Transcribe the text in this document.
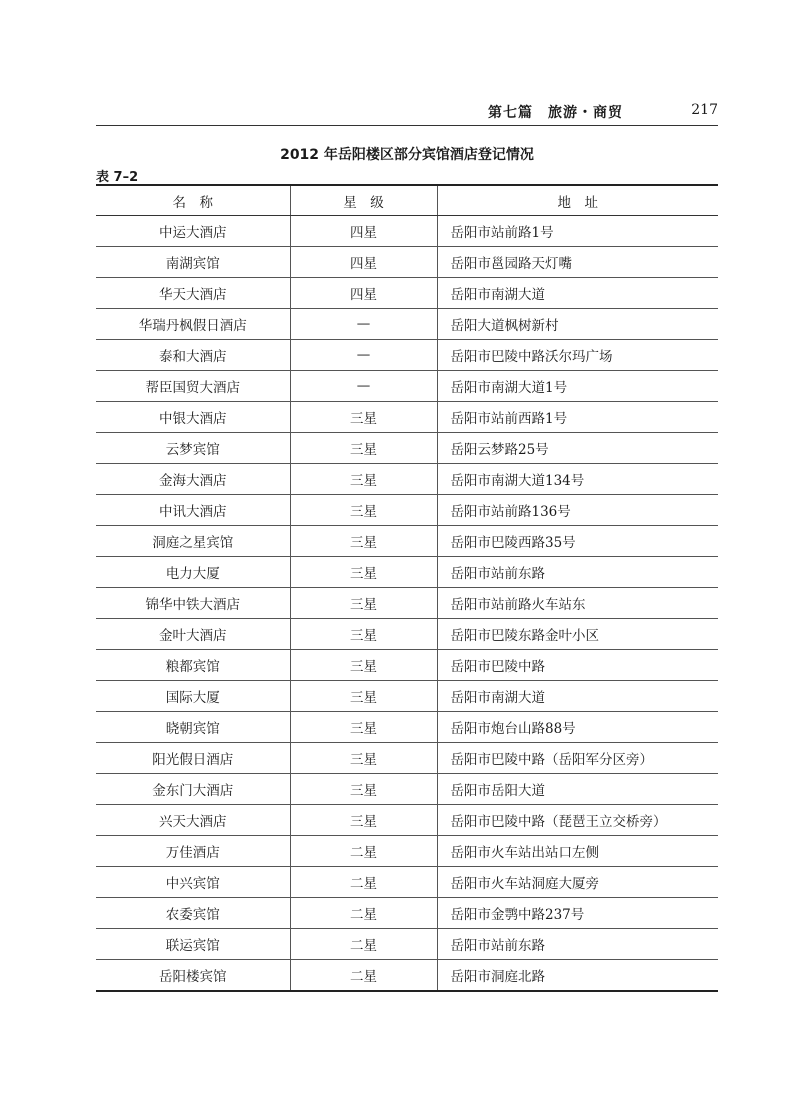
第七篇　旅游・商贸	217
2012 年岳阳楼区部分宾馆酒店登记情况
表 7–2
名　称	星　级	地　址
中运大酒店	四星	岳阳市站前路1号
南湖宾馆	四星	岳阳市邕园路天灯嘴
华天大酒店	四星	岳阳市南湖大道
华瑞丹枫假日酒店	—	岳阳大道枫树新村
泰和大酒店	—	岳阳市巴陵中路沃尔玛广场
帮臣国贸大酒店	—	岳阳市南湖大道1号
中银大酒店	三星	岳阳市站前西路1号
云梦宾馆	三星	岳阳云梦路25号
金海大酒店	三星	岳阳市南湖大道134号
中讯大酒店	三星	岳阳市站前路136号
洞庭之星宾馆	三星	岳阳市巴陵西路35号
电力大厦	三星	岳阳市站前东路
锦华中铁大酒店	三星	岳阳市站前路火车站东
金叶大酒店	三星	岳阳市巴陵东路金叶小区
粮都宾馆	三星	岳阳市巴陵中路
国际大厦	三星	岳阳市南湖大道
晓朝宾馆	三星	岳阳市炮台山路88号
阳光假日酒店	三星	岳阳市巴陵中路（岳阳军分区旁）
金东门大酒店	三星	岳阳市岳阳大道
兴天大酒店	三星	岳阳市巴陵中路（琵琶王立交桥旁）
万佳酒店	二星	岳阳市火车站出站口左侧
中兴宾馆	二星	岳阳市火车站洞庭大厦旁
农委宾馆	二星	岳阳市金鹗中路237号
联运宾馆	二星	岳阳市站前东路
岳阳楼宾馆	二星	岳阳市洞庭北路
